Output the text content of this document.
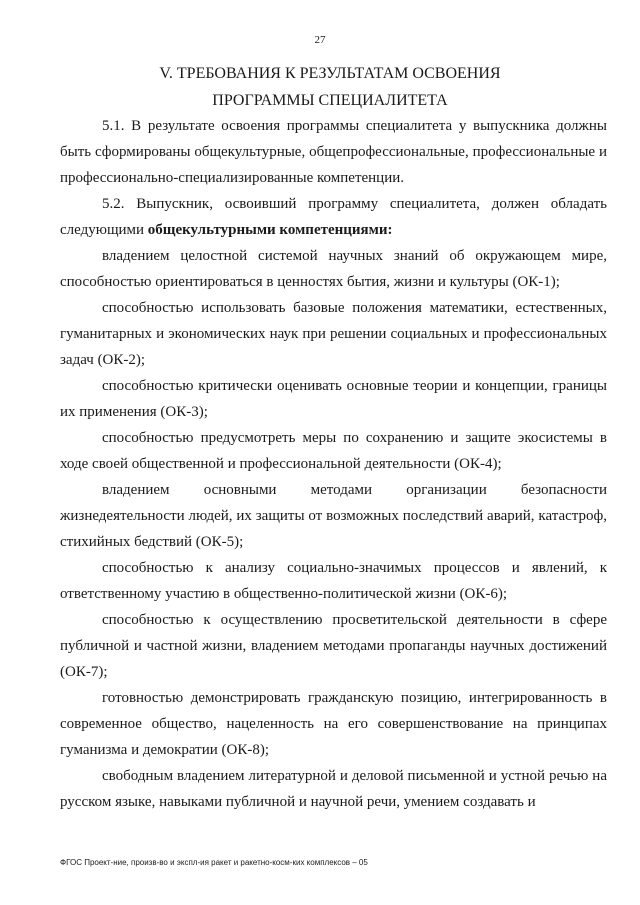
27
V. ТРЕБОВАНИЯ К РЕЗУЛЬТАТАМ ОСВОЕНИЯ
ПРОГРАММЫ СПЕЦИАЛИТЕТА

5.1. В результате освоения программы специалитета у выпускника должны быть сформированы общекультурные, общепрофессиональные, профессиональные и профессионально-специализированные компетенции.

5.2. Выпускник, освоивший программу специалитета, должен обладать следующими общекультурными компетенциями:

владением целостной системой научных знаний об окружающем мире, способностью ориентироваться в ценностях бытия, жизни и культуры (ОК-1);

способностью использовать базовые положения математики, естественных, гуманитарных и экономических наук при решении социальных и профессиональных задач (ОК-2);

способностью критически оценивать основные теории и концепции, границы их применения (ОК-3);

способностью предусмотреть меры по сохранению и защите экосистемы в ходе своей общественной и профессиональной деятельности (ОК-4);

владением основными методами организации безопасности жизнедеятельности людей, их защиты от возможных последствий аварий, катастроф, стихийных бедствий (ОК-5);

способностью к анализу социально-значимых процессов и явлений, к ответственному участию в общественно-политической жизни (ОК-6);

способностью к осуществлению просветительской деятельности в сфере публичной и частной жизни, владением методами пропаганды научных достижений (ОК-7);

готовностью демонстрировать гражданскую позицию, интегрированность в современное общество, нацеленность на его совершенствование на принципах гуманизма и демократии (ОК-8);

свободным владением литературной и деловой письменной и устной речью на русском языке, навыками публичной и научной речи, умением создавать и

ФГОС Проект-ние, произв-во и экспл-ия ракет и ракетно-косм-ких комплексов – 05
